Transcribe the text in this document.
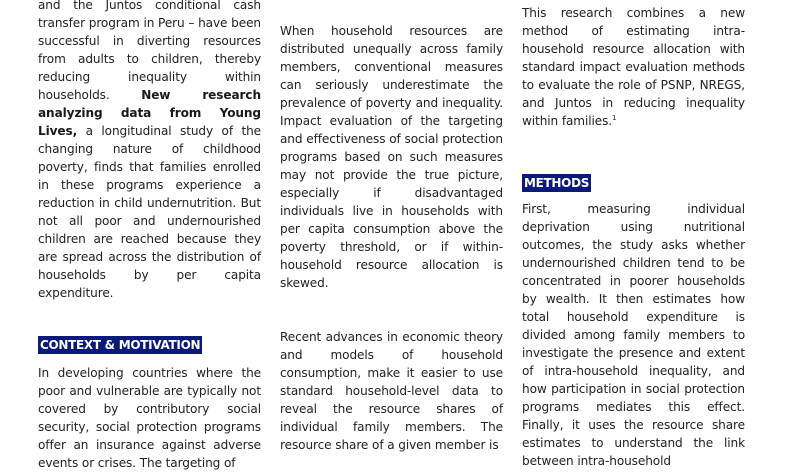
and the Juntos conditional cash transfer program in Peru – have been successful in diverting resources from adults to children, thereby reducing inequality within households. New research analyzing data from Young Lives, a longitudinal study of the changing nature of childhood poverty, finds that families enrolled in these programs experience a reduction in child undernutrition. But not all poor and undernourished children are reached because they are spread across the distribution of households by per capita expenditure.

CONTEXT & MOTIVATION

In developing countries where the poor and vulnerable are typically not covered by contributory social security, social protection programs offer an insurance against adverse events or crises. The targeting of

When household resources are distributed unequally across family members, conventional measures can seriously underestimate the prevalence of poverty and inequality. Impact evaluation of the targeting and effectiveness of social protection programs based on such measures may not provide the true picture, especially if disadvantaged individuals live in households with per capita consumption above the poverty threshold, or if within-household resource allocation is skewed.

Recent advances in economic theory and models of household consumption, make it easier to use standard household-level data to reveal the resource shares of individual family members. The resource share of a given member is

This research combines a new method of estimating intra-household resource allocation with standard impact evaluation methods to evaluate the role of PSNP, NREGS, and Juntos in reducing inequality within families.$^1$

METHODS

First, measuring individual deprivation using nutritional outcomes, the study asks whether undernourished children tend to be concentrated in poorer households by wealth. It then estimates how total household expenditure is divided among family members to investigate the presence and extent of intra-household inequality, and how participation in social protection programs mediates this effect. Finally, it uses the resource share estimates to understand the link between intra-household
